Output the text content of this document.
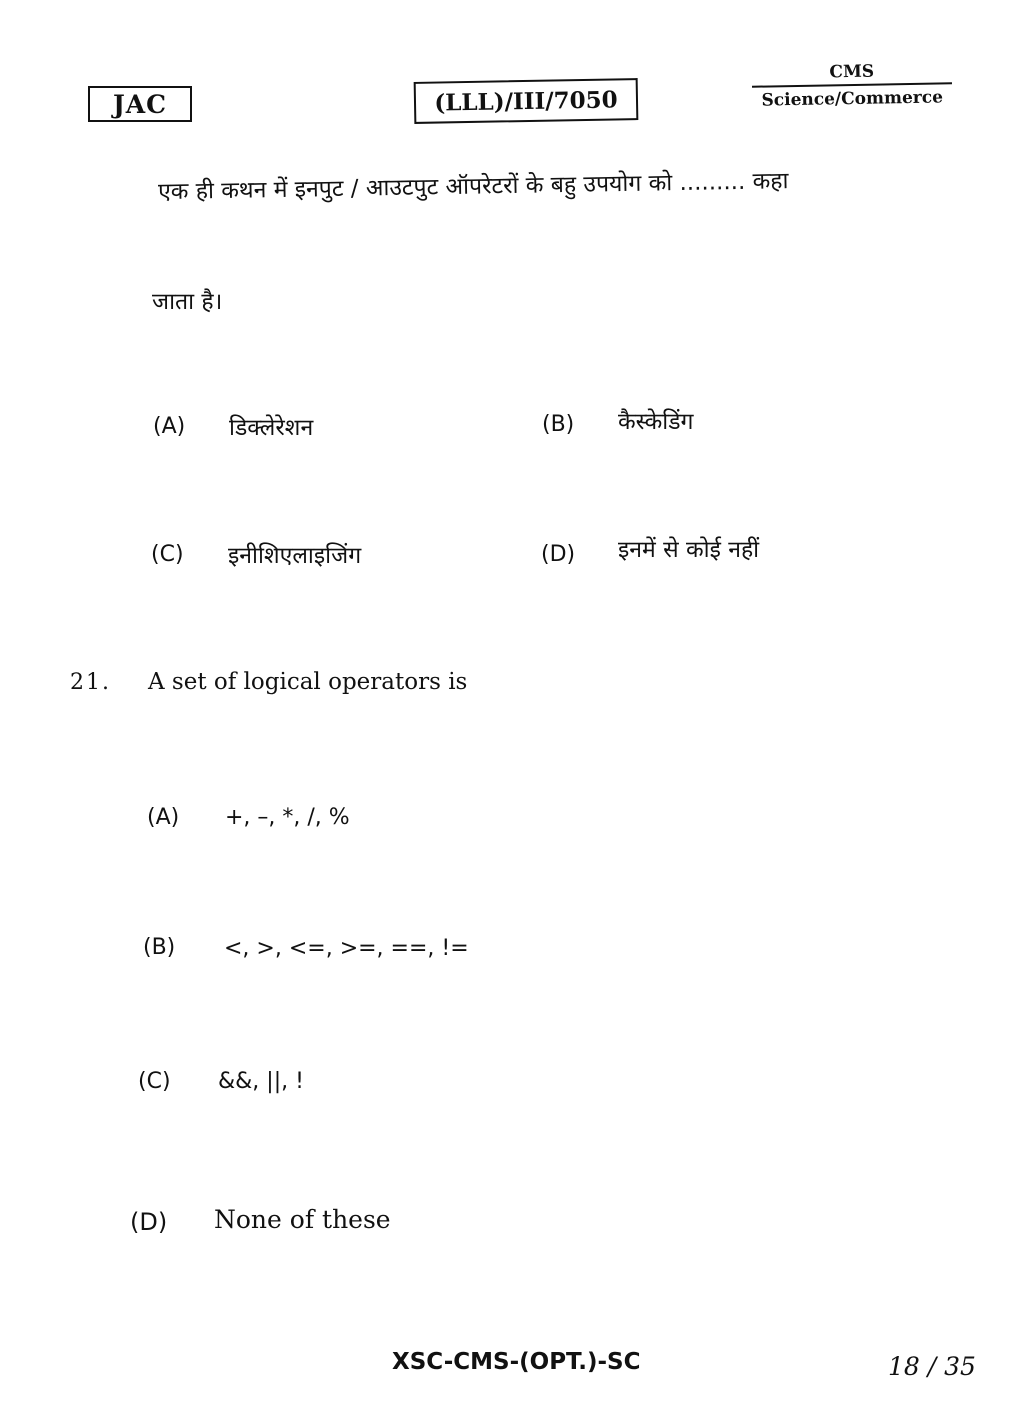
JAC	(LLL)/III/7050
CMS
Science/Commerce
एक ही कथन में इनपुट / आउटपुट ऑपरेटरों के बहु उपयोग को ......... कहा
जाता है।
(A) डिक्लेरेशन	(B) कैस्केडिंग
(C) इनीशिएलाइजिंग	(D) इनमें से कोई नहीं
21. A set of logical operators is
(A) +, –, *, /, %
(B) <, >, <=, >=, ==, !=
(C) &&, ||, !
(D) None of these
XSC-CMS-(OPT.)-SC	18 / 35
